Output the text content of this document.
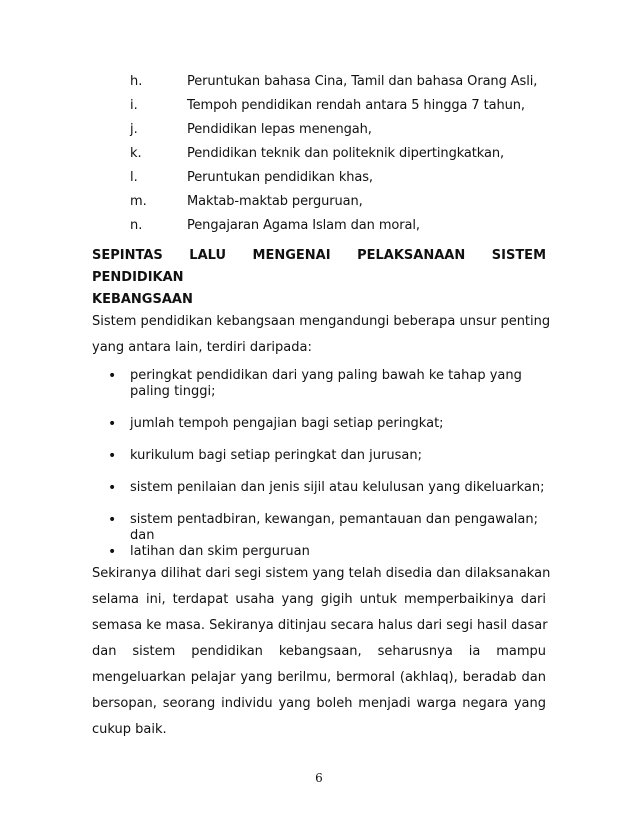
h.	Peruntukan bahasa Cina, Tamil dan bahasa Orang Asli,
i.	Tempoh pendidikan rendah antara 5 hingga 7 tahun,
j.	Pendidikan lepas menengah,
k.	Pendidikan teknik dan politeknik dipertingkatkan,
l.	Peruntukan pendidikan khas,
m.	Maktab-maktab perguruan,
n.	Pengajaran Agama Islam dan moral,
SEPINTAS LALU MENGENAI PELAKSANAAN SISTEM PENDIDIKAN
KEBANGSAAN

Sistem pendidikan kebangsaan mengandungi beberapa unsur penting
yang antara lain, terdiri daripada:

• peringkat pendidikan dari yang paling bawah ke tahap yang paling tinggi;
• jumlah tempoh pengajian bagi setiap peringkat;
• kurikulum bagi setiap peringkat dan jurusan;
• sistem penilaian dan jenis sijil atau kelulusan yang dikeluarkan;
• sistem pentadbiran, kewangan, pemantauan dan pengawalan; dan
• latihan dan skim perguruan

Sekiranya dilihat dari segi sistem yang telah disedia dan dilaksanakan
selama ini, terdapat usaha yang gigih untuk memperbaikinya dari
semasa ke masa. Sekiranya ditinjau secara halus dari segi hasil dasar
dan sistem pendidikan kebangsaan, seharusnya ia mampu
mengeluarkan pelajar yang berilmu, bermoral (akhlaq), beradab dan
bersopan, seorang individu yang boleh menjadi warga negara yang
cukup baik.

6
